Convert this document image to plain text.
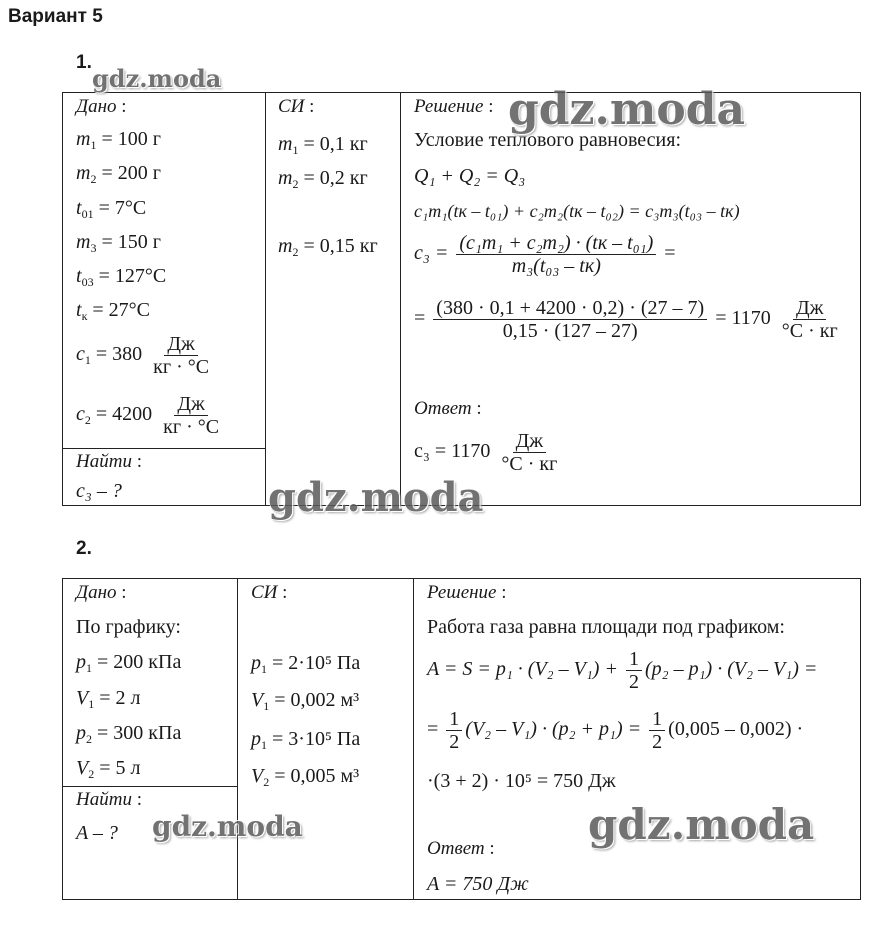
Вариант 5
1.
Дано :
$m_1 = 100$ г
$m_2 = 200$ г
$t_{01} = 7^\circ C$
$m_3 = 150$ г
$t_{03} = 127^\circ C$
$t_к = 27^\circ C$
$c_1 = 380 \frac{Дж}{кг \cdot ^\circ C}$
$c_2 = 4200 \frac{Дж}{кг \cdot ^\circ C}$
Найти :
c₃ – ?
СИ :
$m_1 = 0,1$ кг
$m_2 = 0,2$ кг
$m_2 = 0,15$ кг
Решение :
Условие теплового равновесия:
Q₁ + Q₂ = Q₃
c₁m₁(tк – t₀₁) + c₂m₂(tк – t₀₂) = c₃m₃(t₀₃ – tк)
$c_3 = \frac{\text{(c₁m₁ + c₂m₂) · (tк – t₀₁)}}{\text{m₃(t₀₃ – tк)}}$ =
= $\frac{(380 \cdot 0,1 + 4200 \cdot 0,2) \cdot (27 - 7)}{0,15 \cdot (127 - 27)} = 1170 \frac{Дж}{^\circ C \cdot кг}$
Ответ :
$c_3 = 1170 \frac{Дж}{^\circ C \cdot кг}$
2.
Дано :
По графику:
$p_1 = 200$ кПа
$V_1 = 2$ л
$p_2 = 300$ кПа
$V_2 = 5$ л
Найти :
A – ?
СИ :
$p_1 = 2\cdot 10^5$ Па
$V_1 = 0,002$ м³
$p_1 = 3\cdot 10^5$ Па
$V_2 = 0,005$ м³
Решение :
Работа газа равна площади под графиком:
$A = S = p_1 \cdot (V_2 - V_1) + \frac{1}{2} (p_2 - p_1) \cdot (V_2 - V_1)$ =
= $\frac{1}{2} (V_2 - V_1) \cdot (p_2 + p_1) = \frac{1}{2} (0,005 - 0,002)$ ·
·(3 + 2) · 10⁵ = 750 Дж
Ответ :
A = 750 Дж
gdz.moda
gdz.moda
gdz.moda
gdz.moda	gdz.moda
